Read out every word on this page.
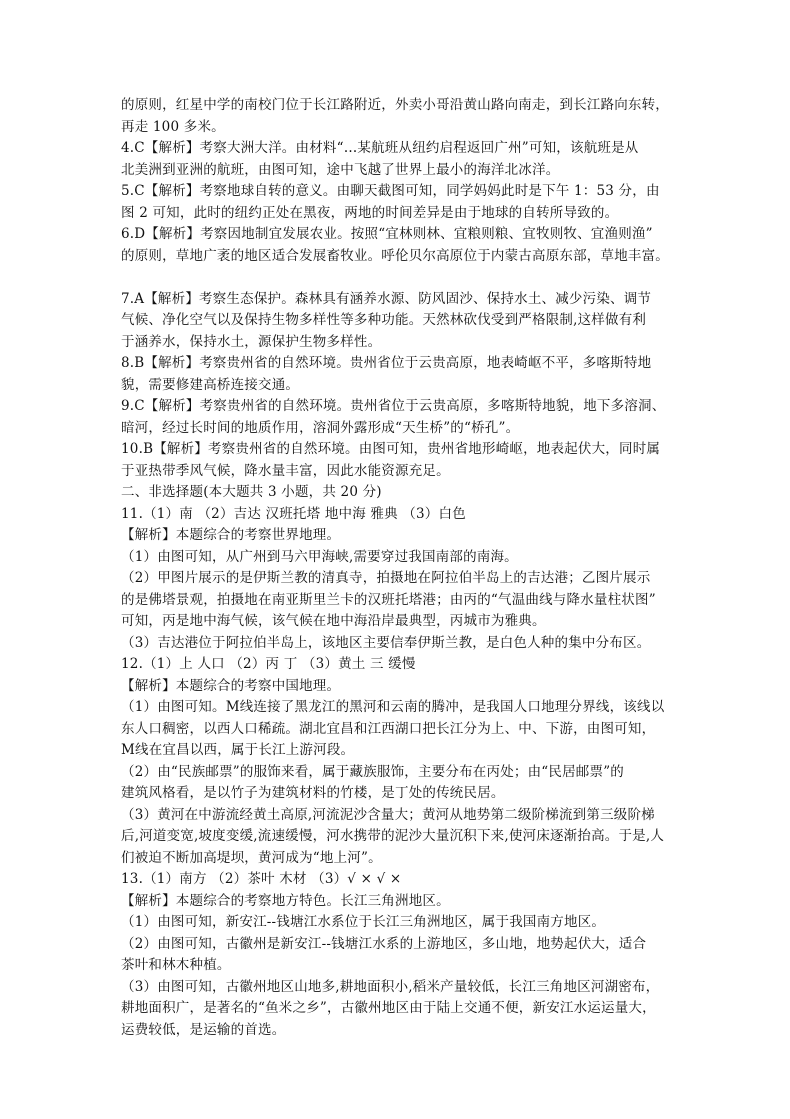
的原则，红星中学的南校门位于长江路附近，外卖小哥沿黄山路向南走，到长江路向东转，
再走 100 多米。
4.C【解析】考察大洲大洋。由材料“…某航班从纽约启程返回广州”可知，该航班是从
北美洲到亚洲的航班，由图可知，途中飞越了世界上最小的海洋北冰洋。
5.C【解析】考察地球自转的意义。由聊天截图可知，同学妈妈此时是下午 1：53 分，由
图 2 可知，此时的纽约正处在黑夜，两地的时间差异是由于地球的自转所导致的。
6.D【解析】考察因地制宜发展农业。按照“宜林则林、宜粮则粮、宜牧则牧、宜渔则渔”
的原则，草地广袤的地区适合发展畜牧业。呼伦贝尔高原位于内蒙古高原东部，草地丰富。
7.A【解析】考察生态保护。森林具有涵养水源、防风固沙、保持水土、减少污染、调节
气候、净化空气以及保持生物多样性等多种功能。天然林砍伐受到严格限制,这样做有利
于涵养水，保持水土，源保护生物多样性。
8.B【解析】考察贵州省的自然环境。贵州省位于云贵高原，地表崎岖不平，多喀斯特地
貌，需要修建高桥连接交通。
9.C【解析】考察贵州省的自然环境。贵州省位于云贵高原，多喀斯特地貌，地下多溶洞、
暗河，经过长时间的地质作用，溶洞外露形成“天生桥”的“桥孔”。
10.B【解析】考察贵州省的自然环境。由图可知，贵州省地形崎岖，地表起伏大，同时属
于亚热带季风气候，降水量丰富，因此水能资源充足。
二、非选择题(本大题共 3 小题，共 20 分)
11.（1）南 （2）吉达 汉班托塔 地中海 雅典 （3）白色
【解析】本题综合的考察世界地理。
（1）由图可知，从广州到马六甲海峡,需要穿过我国南部的南海。
（2）甲图片展示的是伊斯兰教的清真寺，拍摄地在阿拉伯半岛上的吉达港；乙图片展示
的是佛塔景观，拍摄地在南亚斯里兰卡的汉班托塔港；由丙的“气温曲线与降水量柱状图”
可知，丙是地中海气候，该气候在地中海沿岸最典型，丙城市为雅典。
（3）吉达港位于阿拉伯半岛上，该地区主要信奉伊斯兰教，是白色人种的集中分布区。
12.（1）上 人口 （2）丙 丁 （3）黄土 三 缓慢
【解析】本题综合的考察中国地理。
（1）由图可知。M线连接了黑龙江的黑河和云南的腾冲，是我国人口地理分界线，该线以
东人口稠密，以西人口稀疏。湖北宜昌和江西湖口把长江分为上、中、下游，由图可知，
M线在宜昌以西，属于长江上游河段。
（2）由“民族邮票”的服饰来看，属于藏族服饰，主要分布在丙处；由“民居邮票”的
建筑风格看，是以竹子为建筑材料的竹楼，是丁处的传统民居。
（3）黄河在中游流经黄土高原,河流泥沙含量大；黄河从地势第二级阶梯流到第三级阶梯
后,河道变宽,坡度变缓,流速缓慢，河水携带的泥沙大量沉积下来,使河床逐渐抬高。于是,人
们被迫不断加高堤坝，黄河成为“地上河”。
13.（1）南方 （2）茶叶 木材 （3）√ × √ ×
【解析】本题综合的考察地方特色。长江三角洲地区。
（1）由图可知，新安江--钱塘江水系位于长江三角洲地区，属于我国南方地区。
（2）由图可知，古徽州是新安江--钱塘江水系的上游地区，多山地，地势起伏大，适合
茶叶和林木种植。
（3）由图可知，古徽州地区山地多,耕地面积小,稻米产量较低，长江三角地区河湖密布，
耕地面积广，是著名的“鱼米之乡”，古徽州地区由于陆上交通不便，新安江水运运量大，
运费较低，是运输的首选。
